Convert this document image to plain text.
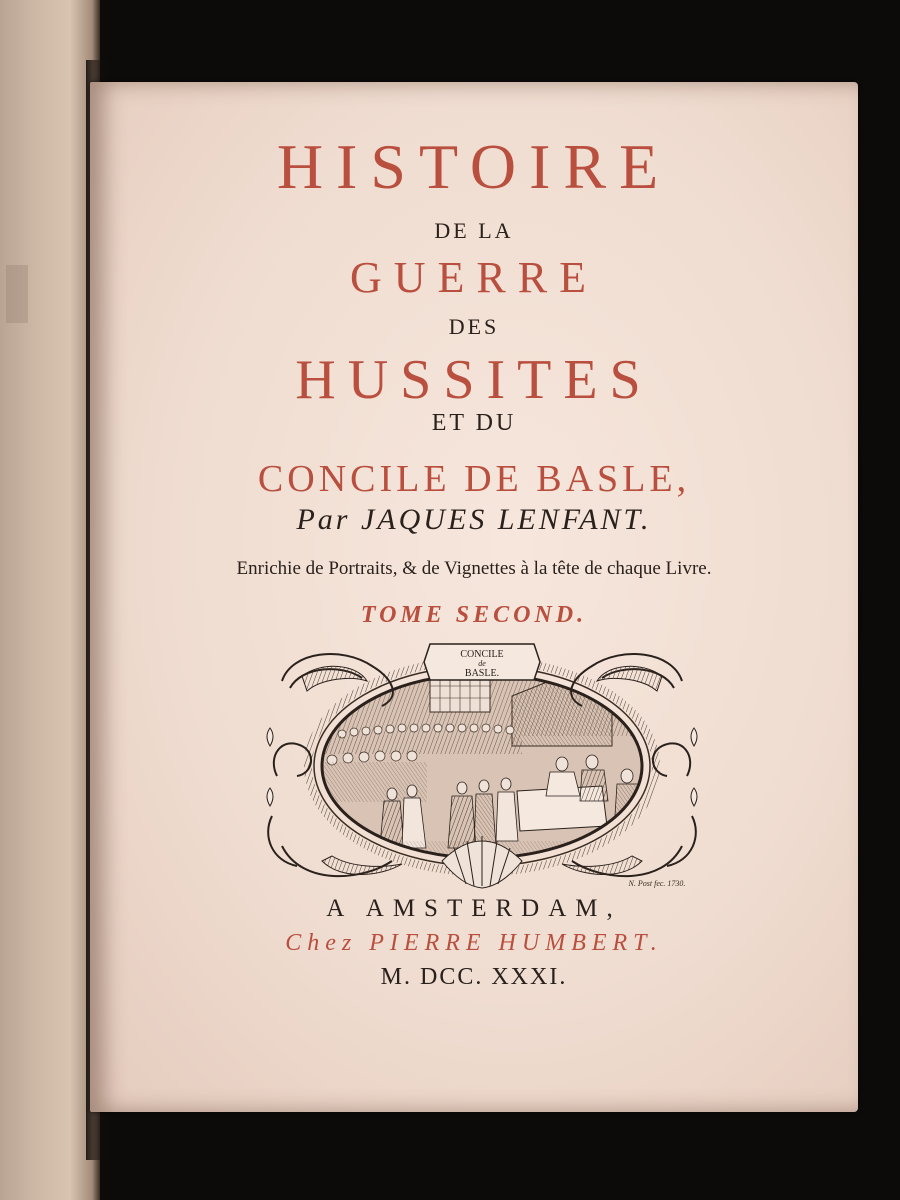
HISTOIRE
DE LA
GUERRE
DES
HUSSITES
ET DU
CONCILE DE BASLE,
Par JAQUES LENFANT.
Enrichie de Portraits, & de Vignettes à la tête de chaque Livre.
TOME SECOND.
CONCILE
de
BASLE.
N. Post fec. 1730.
A AMSTERDAM,
Chez PIERRE HUMBERT.
M. DCC. XXXI.
